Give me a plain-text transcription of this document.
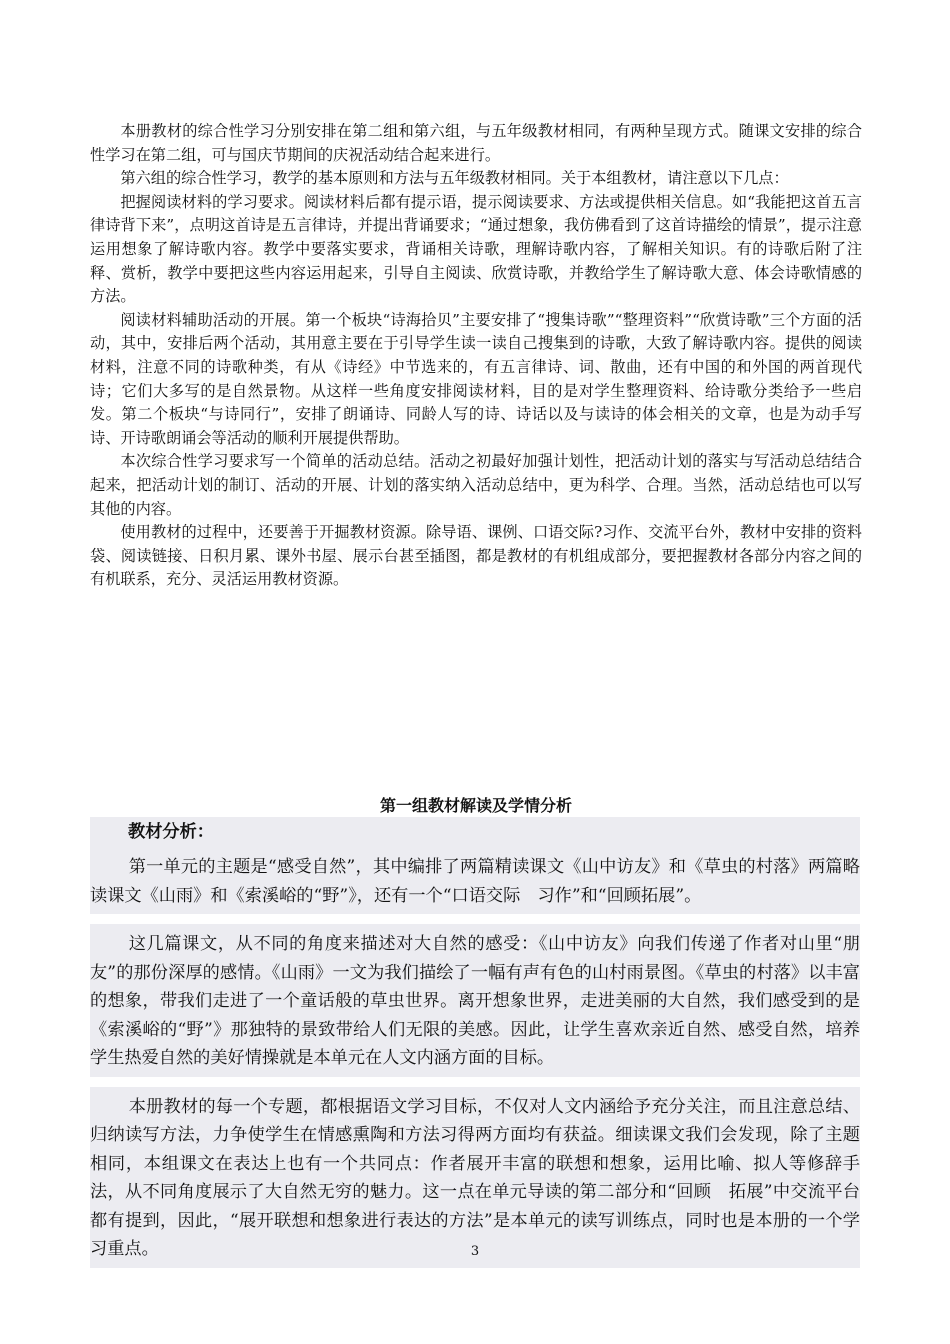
本册教材的综合性学习分别安排在第二组和第六组，与五年级教材相同，有两种呈现方式。随课文安排的综合性学习在第二组，可与国庆节期间的庆祝活动结合起来进行。

第六组的综合性学习，教学的基本原则和方法与五年级教材相同。关于本组教材，请注意以下几点：

把握阅读材料的学习要求。阅读材料后都有提示语，提示阅读要求、方法或提供相关信息。如“我能把这首五言律诗背下来”，点明这首诗是五言律诗，并提出背诵要求；“通过想象，我仿佛看到了这首诗描绘的情景”，提示注意运用想象了解诗歌内容。教学中要落实要求，背诵相关诗歌，理解诗歌内容，了解相关知识。有的诗歌后附了注释、赏析，教学中要把这些内容运用起来，引导自主阅读、欣赏诗歌，并教给学生了解诗歌大意、体会诗歌情感的方法。

阅读材料辅助活动的开展。第一个板块“诗海拾贝”主要安排了“搜集诗歌”“整理资料”“欣赏诗歌”三个方面的活动，其中，安排后两个活动，其用意主要在于引导学生读一读自己搜集到的诗歌，大致了解诗歌内容。提供的阅读材料，注意不同的诗歌种类，有从《诗经》中节选来的，有五言律诗、词、散曲，还有中国的和外国的两首现代诗；它们大多写的是自然景物。从这样一些角度安排阅读材料，目的是对学生整理资料、给诗歌分类给予一些启发。第二个板块“与诗同行”，安排了朗诵诗、同龄人写的诗、诗话以及与读诗的体会相关的文章，也是为动手写诗、开诗歌朗诵会等活动的顺利开展提供帮助。

本次综合性学习要求写一个简单的活动总结。活动之初最好加强计划性，把活动计划的落实与写活动总结结合起来，把活动计划的制订、活动的开展、计划的落实纳入活动总结中，更为科学、合理。当然，活动总结也可以写其他的内容。

使用教材的过程中，还要善于开掘教材资源。除导语、课例、口语交际?习作、交流平台外，教材中安排的资料袋、阅读链接、日积月累、课外书屋、展示台甚至插图，都是教材的有机组成部分，要把握教材各部分内容之间的有机联系，充分、灵活运用教材资源。

第一组教材解读及学情分析
教材分析：
第一单元的主题是“感受自然”，其中编排了两篇精读课文《山中访友》和《草虫的村落》两篇略读课文《山雨》和《索溪峪的“野”》，还有一个“口语交际　习作”和“回顾拓展”。
这几篇课文，从不同的角度来描述对大自然的感受：《山中访友》向我们传递了作者对山里“朋友”的那份深厚的感情。《山雨》一文为我们描绘了一幅有声有色的山村雨景图。《草虫的村落》以丰富的想象，带我们走进了一个童话般的草虫世界。离开想象世界，走进美丽的大自然，我们感受到的是《索溪峪的“野”》那独特的景致带给人们无限的美感。因此，让学生喜欢亲近自然、感受自然，培养学生热爱自然的美好情操就是本单元在人文内涵方面的目标。
本册教材的每一个专题，都根据语文学习目标，不仅对人文内涵给予充分关注，而且注意总结、归纳读写方法，力争使学生在情感熏陶和方法习得两方面均有获益。细读课文我们会发现，除了主题相同，本组课文在表达上也有一个共同点：作者展开丰富的联想和想象，运用比喻、拟人等修辞手法，从不同角度展示了大自然无穷的魅力。这一点在单元导读的第二部分和“回顾　拓展”中交流平台都有提到，因此，“展开联想和想象进行表达的方法”是本单元的读写训练点，同时也是本册的一个学习重点。	3
